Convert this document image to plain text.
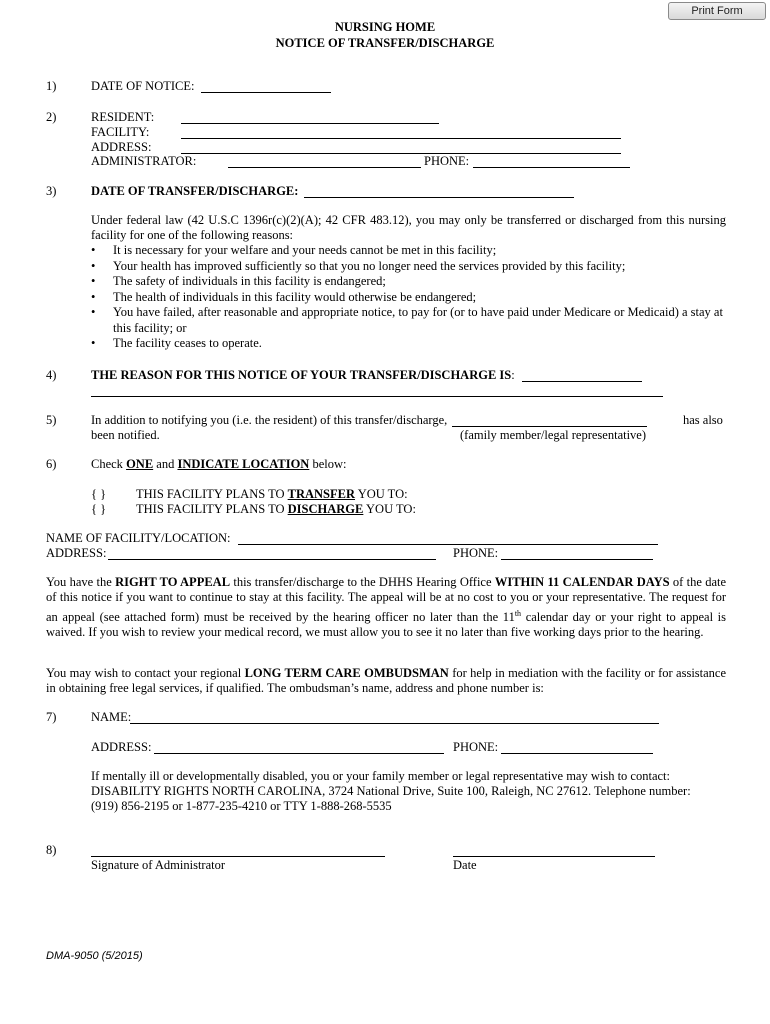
Print Form
NURSING HOME
NOTICE OF TRANSFER/DISCHARGE
1)	DATE OF NOTICE:
2)	RESIDENT:
FACILITY:
ADDRESS:
ADMINISTRATOR:	PHONE:
3)	DATE OF TRANSFER/DISCHARGE:
Under federal law (42 U.S.C 1396r(c)(2)(A); 42 CFR 483.12), you may only be transferred or discharged from this nursing facility for one of the following reasons:
• It is necessary for your welfare and your needs cannot be met in this facility;
• Your health has improved sufficiently so that you no longer need the services provided by this facility;
• The safety of individuals in this facility is endangered;
• The health of individuals in this facility would otherwise be endangered;
• You have failed, after reasonable and appropriate notice, to pay for (or to have paid under Medicare or Medicaid) a stay at this facility; or
• The facility ceases to operate.
4)	THE REASON FOR THIS NOTICE OF YOUR TRANSFER/DISCHARGE IS:
5)	In addition to notifying you (i.e. the resident) of this transfer/discharge,	has also
been notified.	(family member/legal representative)
6)	Check ONE and INDICATE LOCATION below:
{ } THIS FACILITY PLANS TO TRANSFER YOU TO:
{ } THIS FACILITY PLANS TO DISCHARGE YOU TO:
NAME OF FACILITY/LOCATION:
ADDRESS:	PHONE:
You have the RIGHT TO APPEAL this transfer/discharge to the DHHS Hearing Office WITHIN 11 CALENDAR DAYS of the date of this notice if you want to continue to stay at this facility. The appeal will be at no cost to you or your representative. The request for an appeal (see attached form) must be received by the hearing officer no later than the 11th calendar day or your right to appeal is waived. If you wish to review your medical record, we must allow you to see it no later than five working days prior to the hearing.
You may wish to contact your regional LONG TERM CARE OMBUDSMAN for help in mediation with the facility or for assistance in obtaining free legal services, if qualified. The ombudsman’s name, address and phone number is:
7)	NAME:
ADDRESS:	PHONE:
If mentally ill or developmentally disabled, you or your family member or legal representative may wish to contact:
DISABILITY RIGHTS NORTH CAROLINA, 3724 National Drive, Suite 100, Raleigh, NC 27612. Telephone number:
(919) 856-2195 or 1-877-235-4210 or TTY 1-888-268-5535
8)
Signature of Administrator	Date
DMA-9050 (5/2015)
